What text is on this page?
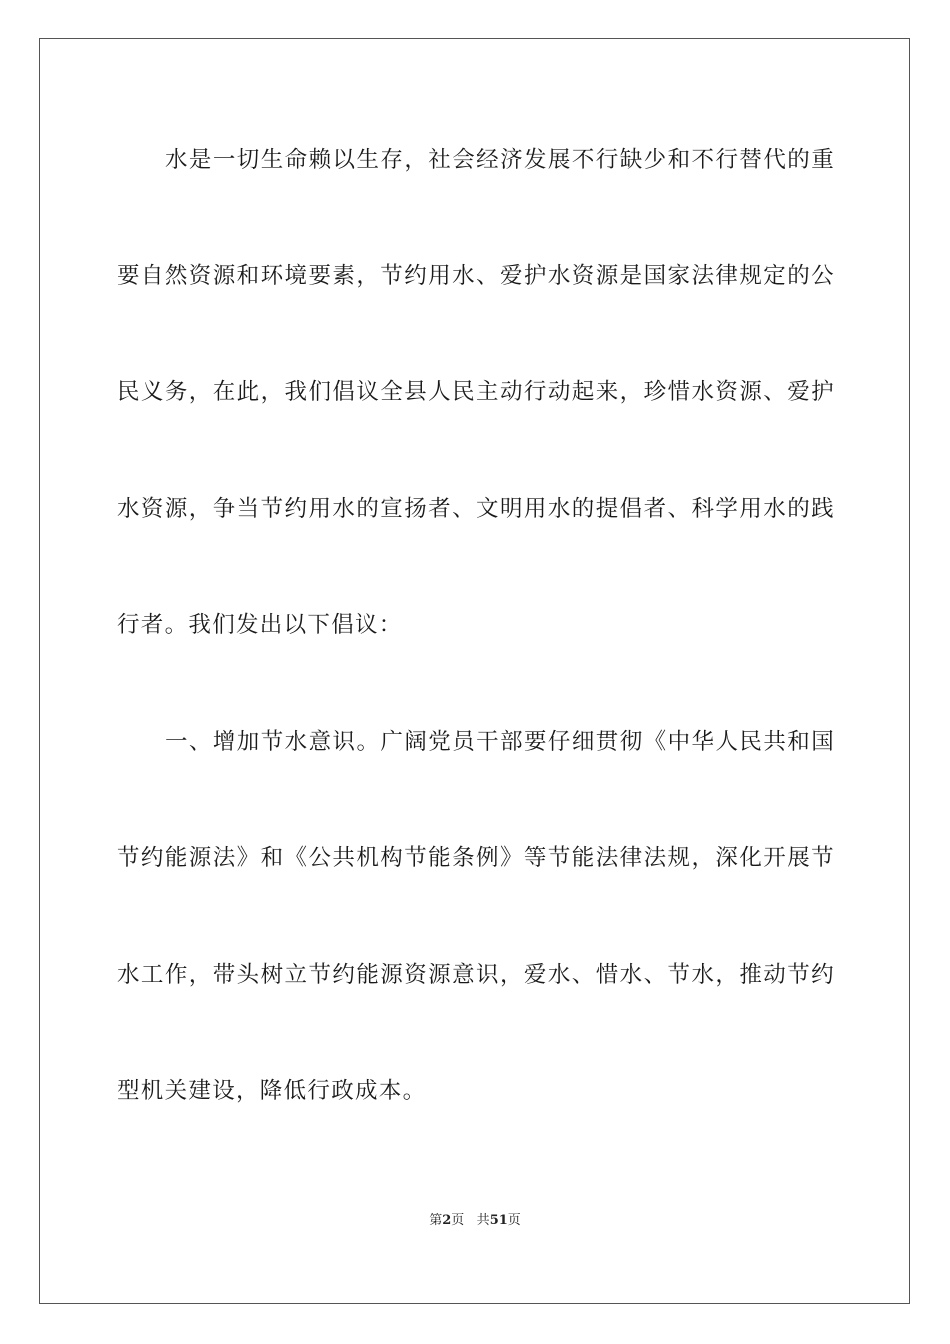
水是一切生命赖以生存，社会经济发展不行缺少和不行替代的重
要自然资源和环境要素，节约用水、爱护水资源是国家法律规定的公
民义务，在此，我们倡议全县人民主动行动起来，珍惜水资源、爱护
水资源，争当节约用水的宣扬者、文明用水的提倡者、科学用水的践
行者。我们发出以下倡议：
一、增加节水意识。广阔党员干部要仔细贯彻《中华人民共和国
节约能源法》和《公共机构节能条例》等节能法律法规，深化开展节
水工作，带头树立节约能源资源意识，爱水、惜水、节水，推动节约
型机关建设，降低行政成本。
第2页 共51页
